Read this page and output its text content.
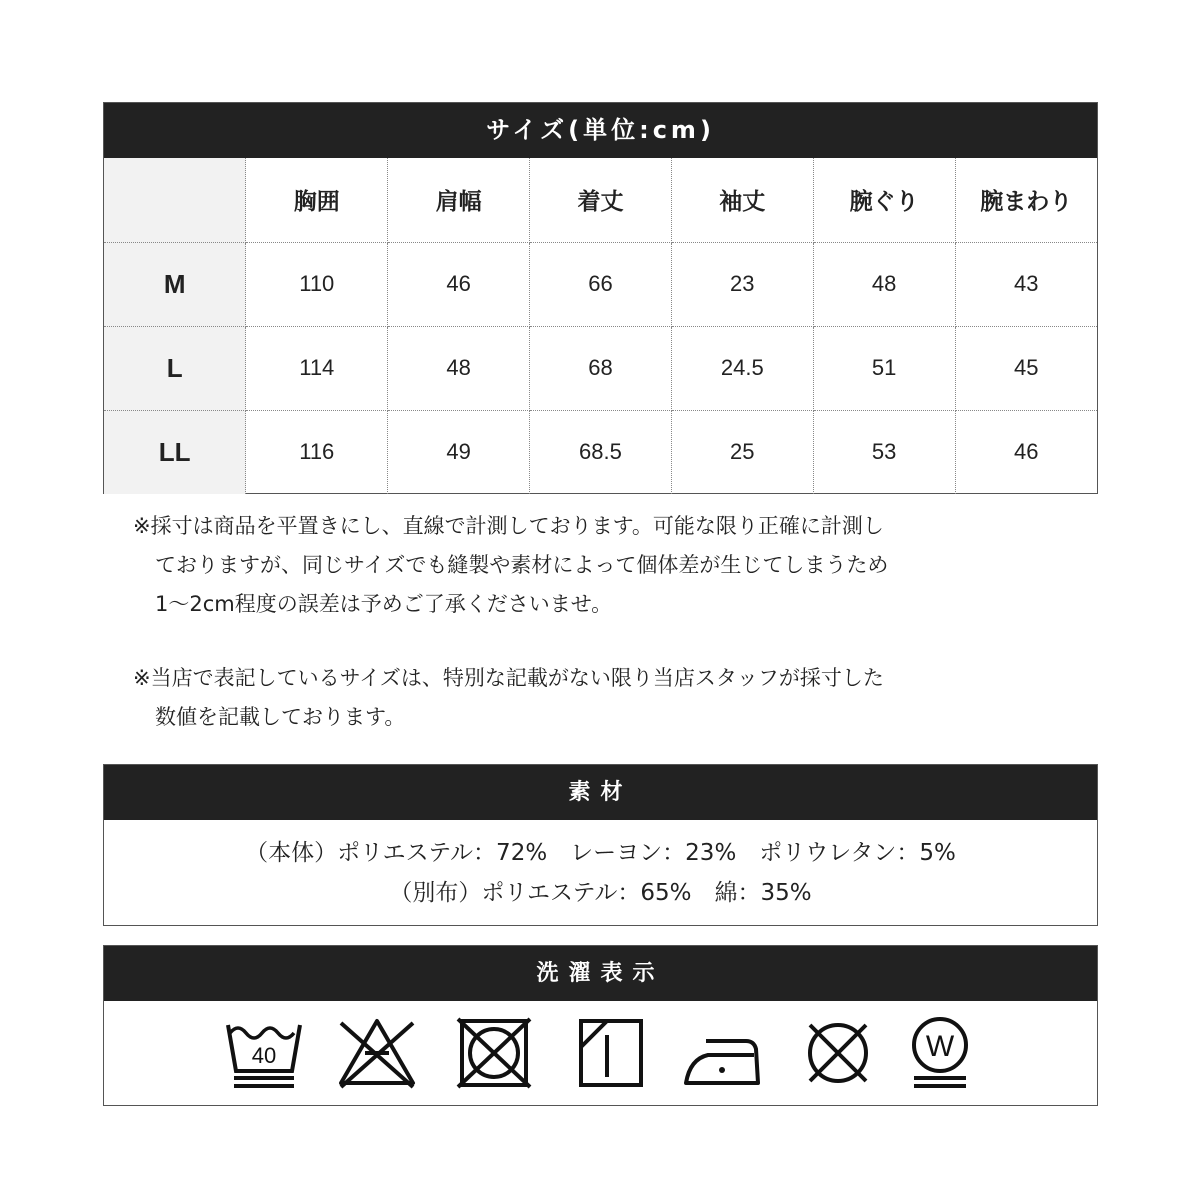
サイズ(単位:cm)
	胸囲	肩幅	着丈	袖丈	腕ぐり	腕まわり
M	110	46	66	23	48	43
L	114	48	68	24.5	51	45
LL	116	49	68.5	25	53	46
※採寸は商品を平置きにし、直線で計測しております。可能な限り正確に計測し
ておりますが、同じサイズでも縫製や素材によって個体差が生じてしまうため
1～2cm程度の誤差は予めご了承くださいませ。
※当店で表記しているサイズは、特別な記載がない限り当店スタッフが採寸した
数値を記載しております。
素材
（本体）ポリエステル：72%　レーヨン：23%　ポリウレタン：5%
（別布）ポリエステル：65%　綿：35%
洗濯表示
40	W
